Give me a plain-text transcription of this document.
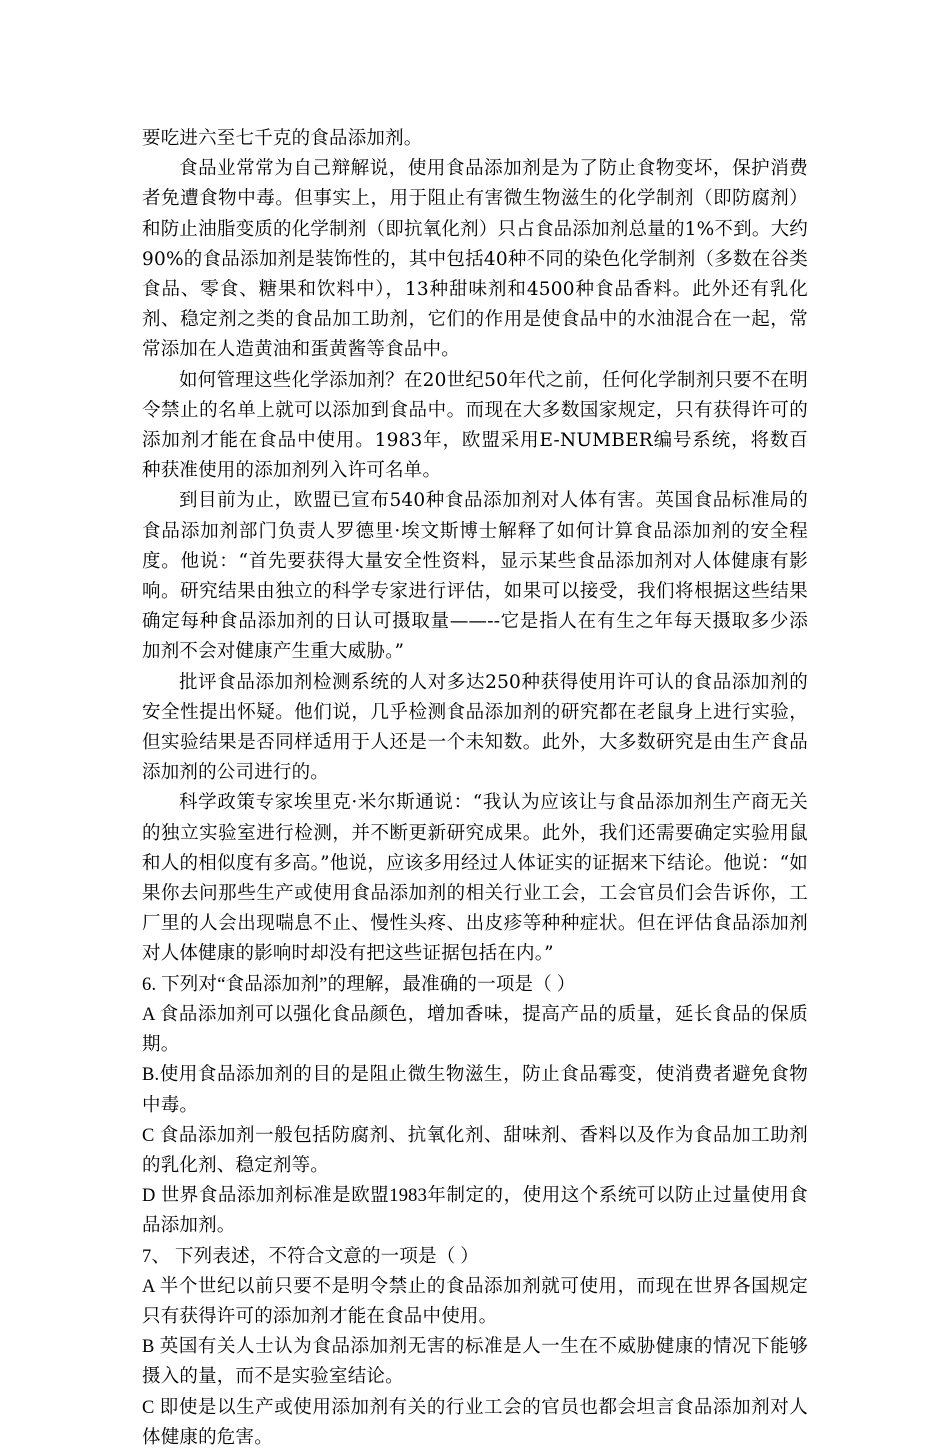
要吃进六至七千克的食品添加剂。

食品业常常为自己辩解说，使用食品添加剂是为了防止食物变坏，保护消费者免遭食物中毒。但事实上，用于阻止有害微生物滋生的化学制剂（即防腐剂）和防止油脂变质的化学制剂（即抗氧化剂）只占食品添加剂总量的1%不到。大约90%的食品添加剂是装饰性的，其中包括40种不同的染色化学制剂（多数在谷类食品、零食、糖果和饮料中），13种甜味剂和4500种食品香料。此外还有乳化剂、稳定剂之类的食品加工助剂，它们的作用是使食品中的水油混合在一起，常常添加在人造黄油和蛋黄酱等食品中。

如何管理这些化学添加剂？在20世纪50年代之前，任何化学制剂只要不在明令禁止的名单上就可以添加到食品中。而现在大多数国家规定，只有获得许可的添加剂才能在食品中使用。1983年，欧盟采用E-NUMBER编号系统，将数百种获准使用的添加剂列入许可名单。

到目前为止，欧盟已宣布540种食品添加剂对人体有害。英国食品标准局的食品添加剂部门负责人罗德里·埃文斯博士解释了如何计算食品添加剂的安全程度。他说：“首先要获得大量安全性资料，显示某些食品添加剂对人体健康有影响。研究结果由独立的科学专家进行评估，如果可以接受，我们将根据这些结果确定每种食品添加剂的日认可摄取量——--它是指人在有生之年每天摄取多少添加剂不会对健康产生重大威胁。”

批评食品添加剂检测系统的人对多达250种获得使用许可认的食品添加剂的安全性提出怀疑。他们说，几乎检测食品添加剂的研究都在老鼠身上进行实验，但实验结果是否同样适用于人还是一个未知数。此外，大多数研究是由生产食品添加剂的公司进行的。

科学政策专家埃里克·米尔斯通说：“我认为应该让与食品添加剂生产商无关的独立实验室进行检测，并不断更新研究成果。此外，我们还需要确定实验用鼠和人的相似度有多高。”他说，应该多用经过人体证实的证据来下结论。他说：“如果你去问那些生产或使用食品添加剂的相关行业工会，工会官员们会告诉你，工厂里的人会出现喘息不止、慢性头疼、出皮疹等种种症状。但在评估食品添加剂对人体健康的影响时却没有把这些证据包括在内。”

6. 下列对“食品添加剂”的理解，最准确的一项是（ ）

A 食品添加剂可以强化食品颜色，增加香味，提高产品的质量，延长食品的保质期。

B.使用食品添加剂的目的是阻止微生物滋生，防止食品霉变，使消费者避免食物中毒。

C 食品添加剂一般包括防腐剂、抗氧化剂、甜味剂、香料以及作为食品加工助剂的乳化剂、稳定剂等。

D 世界食品添加剂标准是欧盟1983年制定的，使用这个系统可以防止过量使用食品添加剂。

7、 下列表述，不符合文意的一项是（ ）

A 半个世纪以前只要不是明令禁止的食品添加剂就可使用，而现在世界各国规定只有获得许可的添加剂才能在食品中使用。

B 英国有关人士认为食品添加剂无害的标准是人一生在不威胁健康的情况下能够摄入的量，而不是实验室结论。

C 即使是以生产或使用添加剂有关的行业工会的官员也都会坦言食品添加剂对人体健康的危害。
